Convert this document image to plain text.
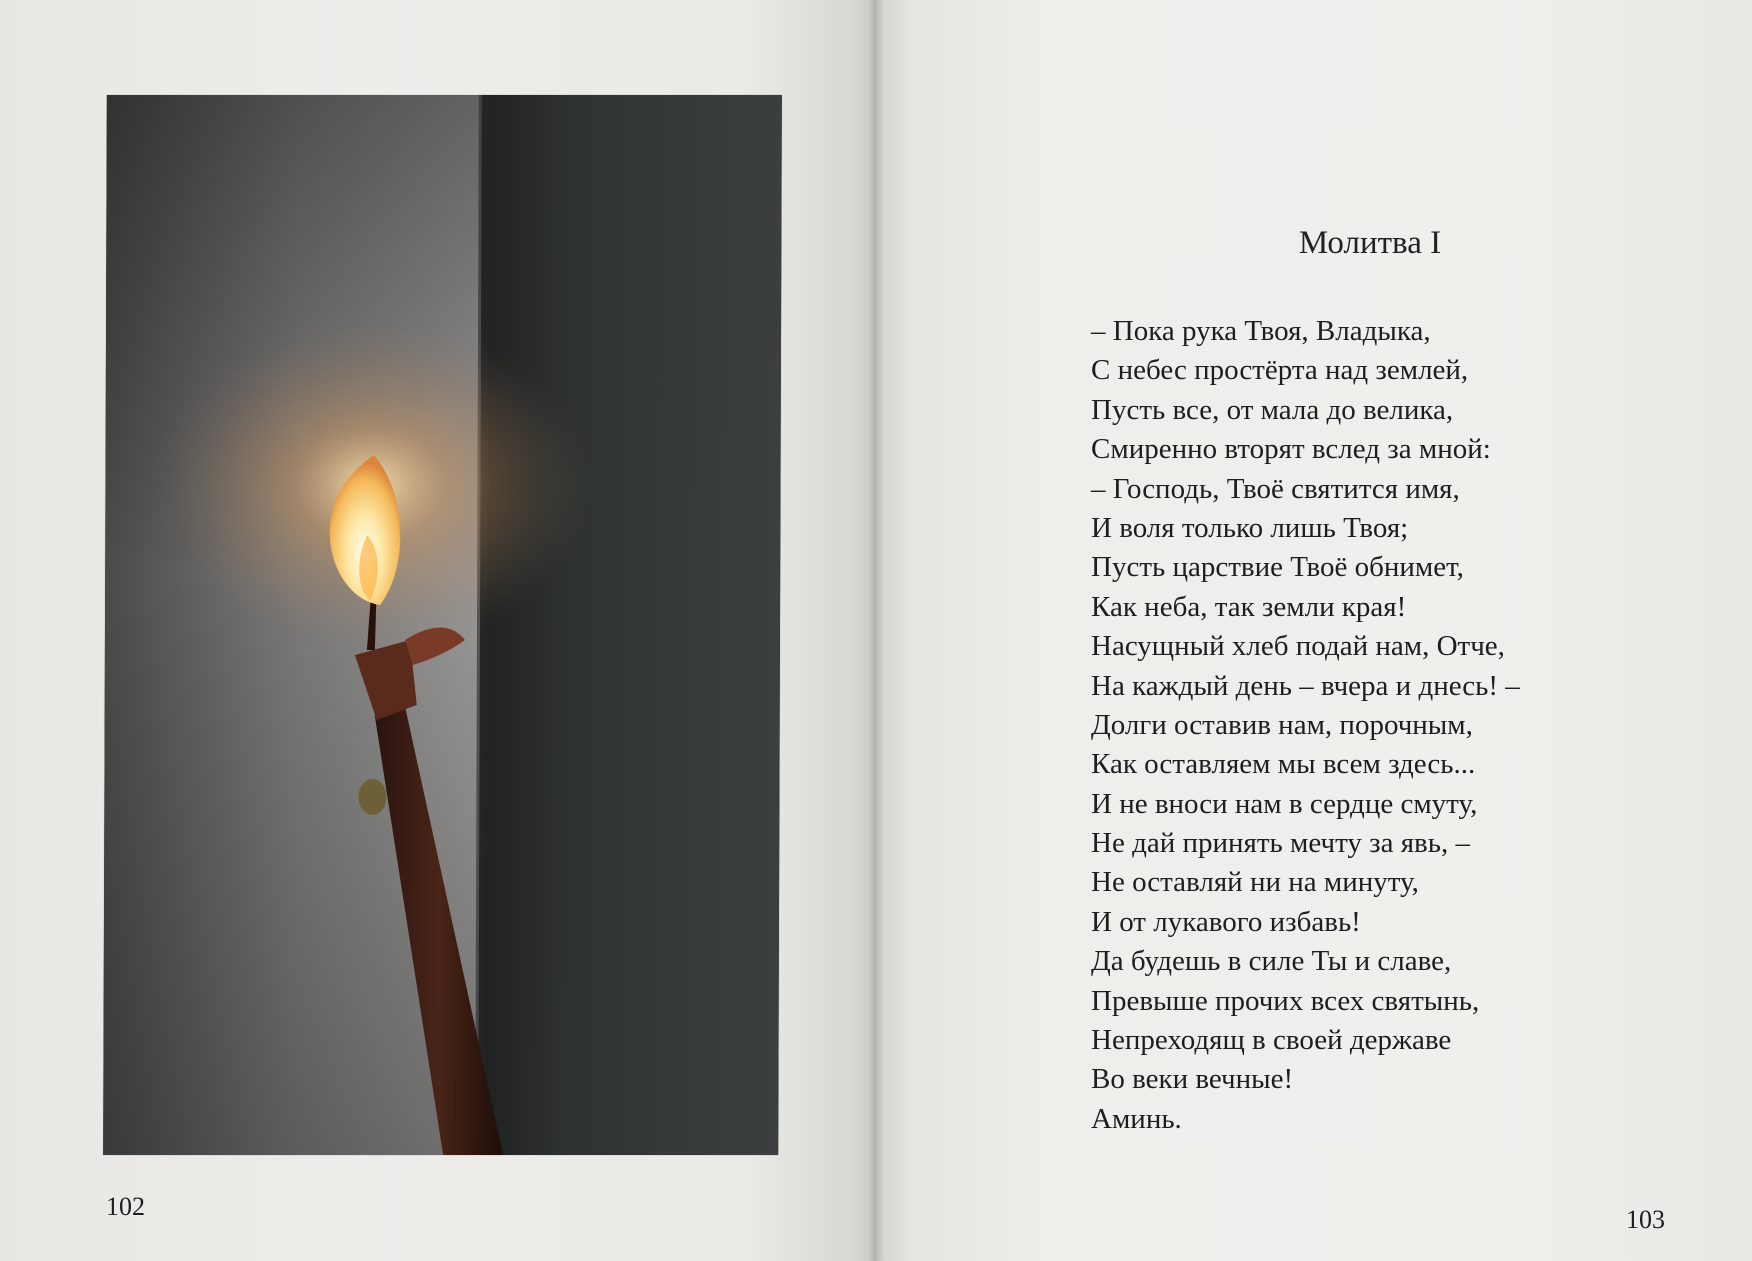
102
Молитва I
– Пока рука Твоя, Владыка,
С небес простёрта над землей,
Пусть все, от мала до велика,
Смиренно вторят вслед за мной:
– Господь, Твоё святится имя,
И воля только лишь Твоя;
Пусть царствие Твоё обнимет,
Как неба, так земли края!
Насущный хлеб подай нам, Отче,
На каждый день – вчера и днесь! –
Долги оставив нам, порочным,
Как оставляем мы всем здесь...
И не вноси нам в сердце смуту,
Не дай принять мечту за явь, –
Не оставляй ни на минуту,
И от лукавого избавь!
Да будешь в силе Ты и славе,
Превыше прочих всех святынь,
Непреходящ в своей державе
Во веки вечные!
Аминь.
103
